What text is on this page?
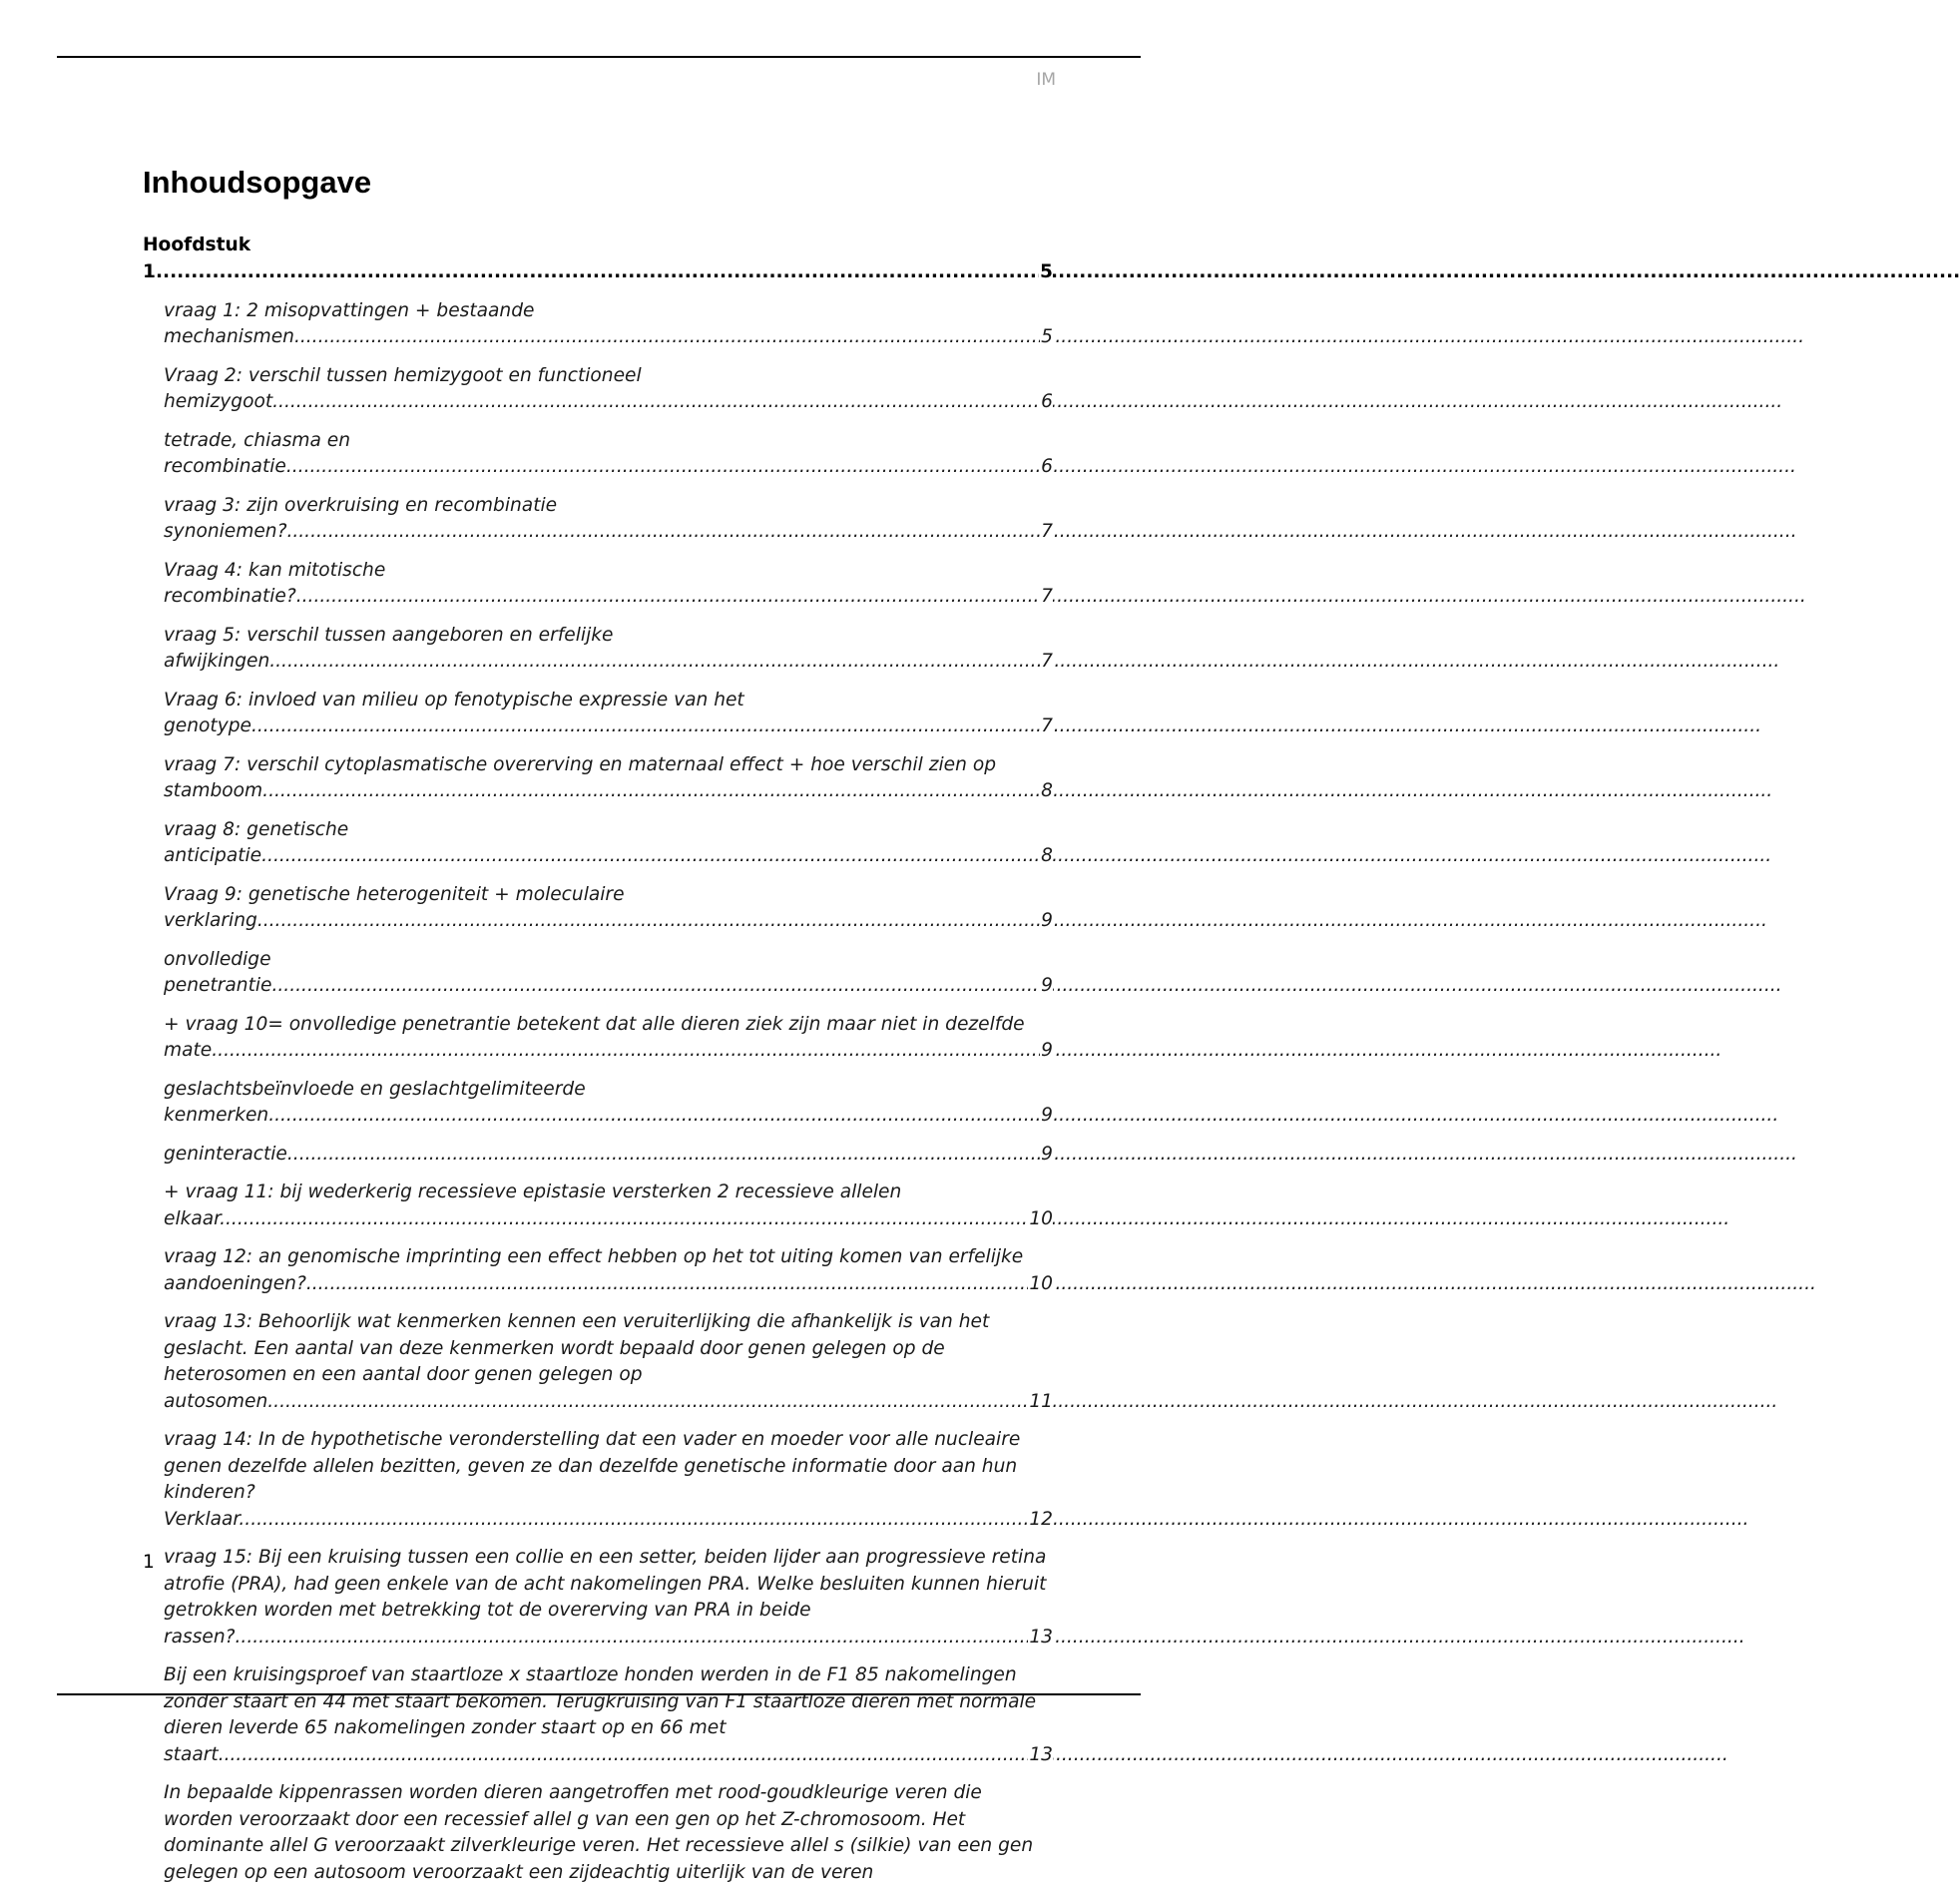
IM
Inhoudsopgave
Hoofdstuk 1 .....	5
vraag 1: 2 misopvattingen + bestaande mechanismen .....	5
Vraag 2: verschil tussen hemizygoot en functioneel hemizygoot .....	6
tetrade, chiasma en recombinatie .....	6
vraag 3: zijn overkruising en recombinatie synoniemen? .....	7
Vraag 4: kan mitotische recombinatie? .....	7
vraag 5: verschil tussen aangeboren en erfelijke afwijkingen .....	7
Vraag 6: invloed van milieu op fenotypische expressie van het genotype .....	7
vraag 7: verschil cytoplasmatische overerving en maternaal effect + hoe verschil zien op stamboom .....	8
vraag 8: genetische anticipatie .....	8
Vraag 9: genetische heterogeniteit + moleculaire verklaring .....	9
onvolledige penetrantie .....	9
+ vraag 10= onvolledige penetrantie betekent dat alle dieren ziek zijn maar niet in dezelfde mate .....	9
geslachtsbeïnvloede en geslachtgelimiteerde kenmerken .....	9
geninteractie .....	9
+ vraag 11: bij wederkerig recessieve epistasie versterken 2 recessieve allelen elkaar .....	10
vraag 12: an genomische imprinting een effect hebben op het tot uiting komen van erfelijke aandoeningen? .....	10
vraag 13: Behoorlijk wat kenmerken kennen een veruiterlijking die afhankelijk is van het geslacht. Een aantal van deze kenmerken wordt bepaald door genen gelegen op de heterosomen en een aantal door genen gelegen op autosomen .....	11
vraag 14: In de hypothetische veronderstelling dat een vader en moeder voor alle nucleaire genen dezelfde allelen bezitten, geven ze dan dezelfde genetische informatie door aan hun kinderen? Verklaar .....	12
vraag 15: Bij een kruising tussen een collie en een setter, beiden lijder aan progressieve retina atrofie (PRA), had geen enkele van de acht nakomelingen PRA. Welke besluiten kunnen hieruit getrokken worden met betrekking tot de overerving van PRA in beide rassen? .....	13
Bij een kruisingsproef van staartloze x staartloze honden werden in de F1 85 nakomelingen zonder staart en 44 met staart bekomen. Terugkruising van F1 staartloze dieren met normale dieren leverde 65 nakomelingen zonder staart op en 66 met staart .....	13
In bepaalde kippenrassen worden dieren aangetroffen met rood-goudkleurige veren die worden veroorzaakt door een recessief allel g van een gen op het Z-chromosoom. Het dominante allel G veroorzaakt zilverkleurige veren. Het recessieve allel s (silkie) van een gen gelegen op een autosoom veroorzaakt een zijdeachtig uiterlijk van de veren
1
